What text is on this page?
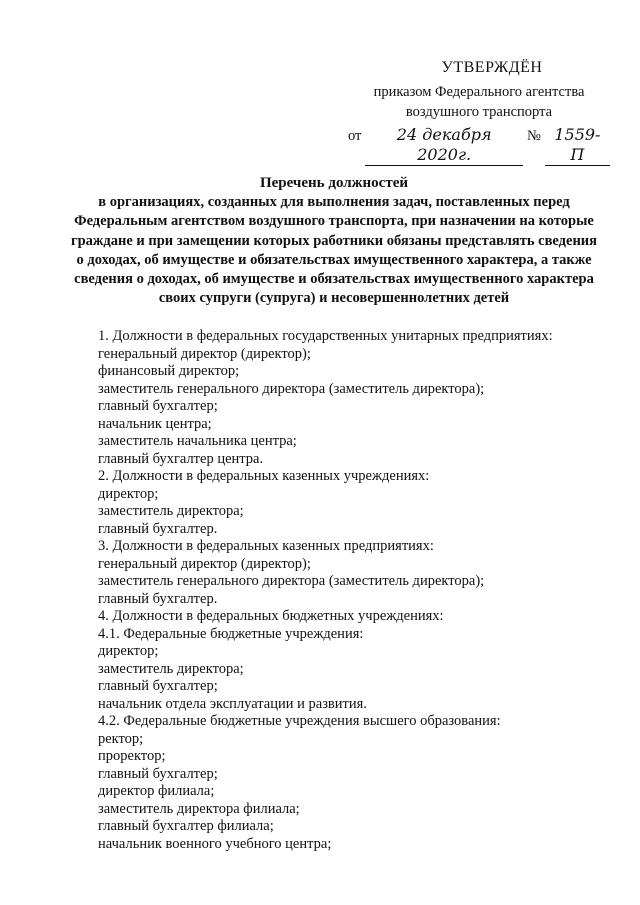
УТВЕРЖДЁН
приказом Федерального агентства
воздушного транспорта
от	24 декабря 2020г.
№ 1559-П
Перечень должностей
в организациях, созданных для выполнения задач, поставленных перед
Федеральным агентством воздушного транспорта, при назначении на которые
граждане и при замещении которых работники обязаны представлять сведения
о доходах, об имуществе и обязательствах имущественного характера, а также
сведения о доходах, об имуществе и обязательствах имущественного характера
своих супруги (супруга) и несовершеннолетних детей
1. Должности в федеральных государственных унитарных предприятиях:
генеральный директор (директор);
финансовый директор;
заместитель генерального директора (заместитель директора);
главный бухгалтер;
начальник центра;
заместитель начальника центра;
главный бухгалтер центра.
2. Должности в федеральных казенных учреждениях:
директор;
заместитель директора;
главный бухгалтер.
3. Должности в федеральных казенных предприятиях:
генеральный директор (директор);
заместитель генерального директора (заместитель директора);
главный бухгалтер.
4. Должности в федеральных бюджетных учреждениях:
4.1. Федеральные бюджетные учреждения:
директор;
заместитель директора;
главный бухгалтер;
начальник отдела эксплуатации и развития.
4.2. Федеральные бюджетные учреждения высшего образования:
ректор;
проректор;
главный бухгалтер;
директор филиала;
заместитель директора филиала;
главный бухгалтер филиала;
начальник военного учебного центра;
